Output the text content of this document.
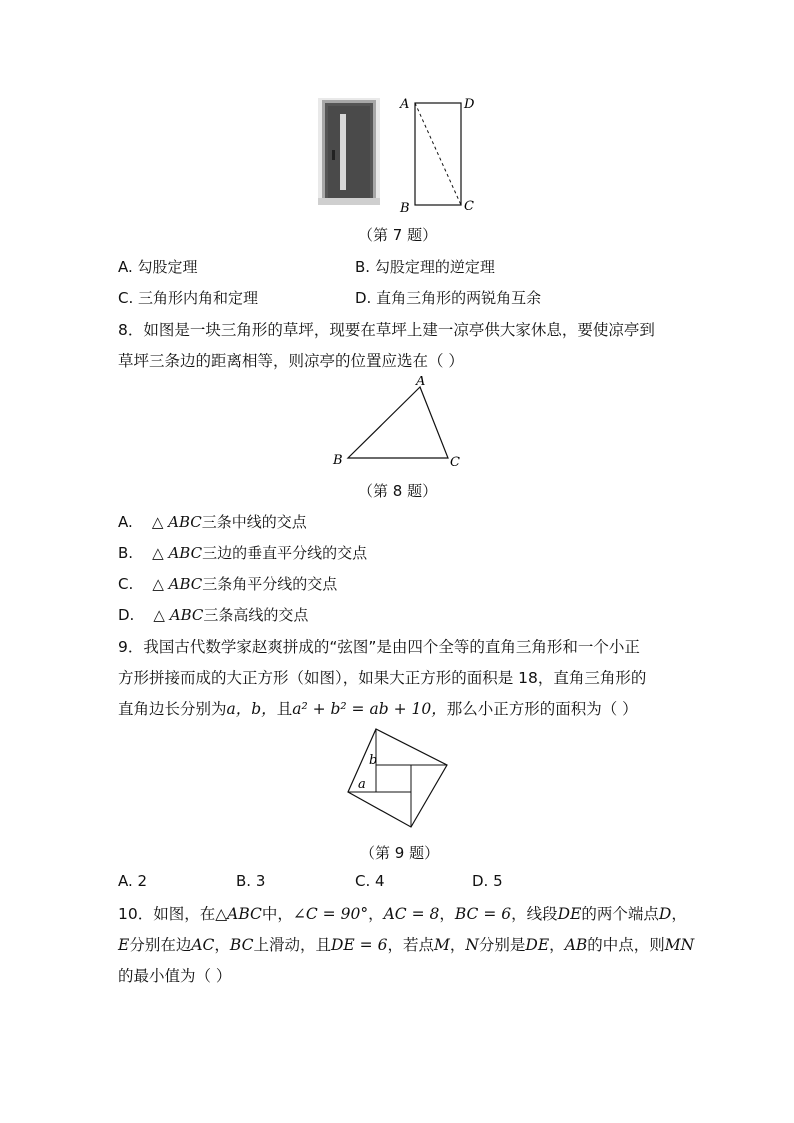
A	D
B	C
（第 7 题）
A. 勾股定理	B. 勾股定理的逆定理
C. 三角形内角和定理	D. 直角三角形的两锐角互余
8．如图是一块三角形的草坪，现要在草坪上建一凉亭供大家休息，要使凉亭到
草坪三条边的距离相等，则凉亭的位置应选在（ ）
A
B	C
（第 8 题）
A. △ ABC三条中线的交点
B. △ ABC三边的垂直平分线的交点
C. △ ABC三条角平分线的交点
D. △ ABC三条高线的交点
9．我国古代数学家赵爽拼成的“弦图”是由四个全等的直角三角形和一个小正
方形拼接而成的大正方形（如图），如果大正方形的面积是 18，直角三角形的
直角边长分别为a，b，且a² + b² = ab + 10，那么小正方形的面积为（ ）
b
a
（第 9 题）
A. 2	B. 3	C. 4	D. 5
10．如图，在△ABC中，∠C = 90°，AC = 8，BC = 6，线段DE的两个端点D，
E分别在边AC，BC上滑动，且DE = 6，若点M，N分别是DE，AB的中点，则MN
的最小值为（ ）
